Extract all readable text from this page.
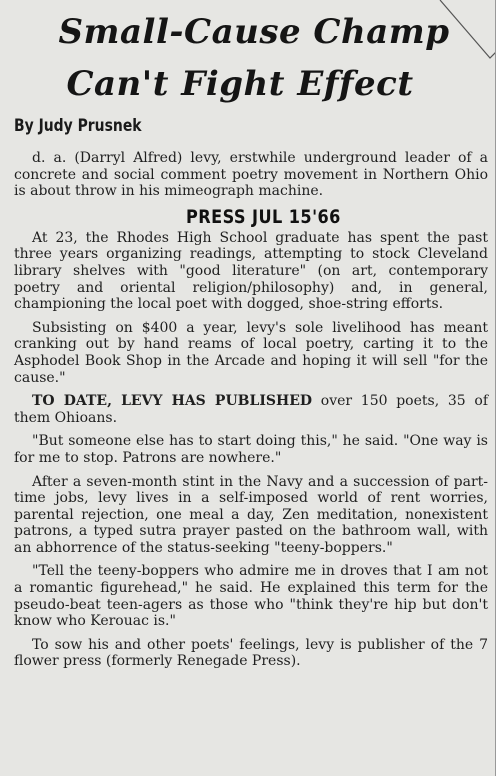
Small-Cause Champ
Can't Fight Effect
By Judy Prusnek
PRESS JUL 15'66

d. a. (Darryl Alfred) levy, erstwhile underground leader of a concrete and social comment poetry movement in Northern Ohio is about throw in his mimeograph machine.

At 23, the Rhodes High School graduate has spent the past three years organizing readings, attempting to stock Cleveland library shelves with "good literature" (on art, contemporary poetry and oriental religion/philosophy) and, in general, championing the local poet with dogged, shoe-string efforts.

Subsisting on $400 a year, levy's sole livelihood has meant cranking out by hand reams of local poetry, carting it to the Asphodel Book Shop in the Arcade and hoping it will sell "for the cause."

TO DATE, LEVY HAS PUBLISHED over 150 poets, 35 of them Ohioans.

"But someone else has to start doing this," he said. "One way is for me to stop. Patrons are nowhere."

After a seven-month stint in the Navy and a succession of part-time jobs, levy lives in a self-imposed world of rent worries, parental rejection, one meal a day, Zen meditation, nonexistent patrons, a typed sutra prayer pasted on the bathroom wall, with an abhorrence of the status-seeking "teeny-boppers."

"Tell the teeny-boppers who admire me in droves that I am not a romantic figurehead," he said. He explained this term for the pseudo-beat teen-agers as those who "think they're hip but don't know who Kerouac is."

To sow his and other poets' feelings, levy is publisher of the 7 flower press (formerly Renegade Press).
